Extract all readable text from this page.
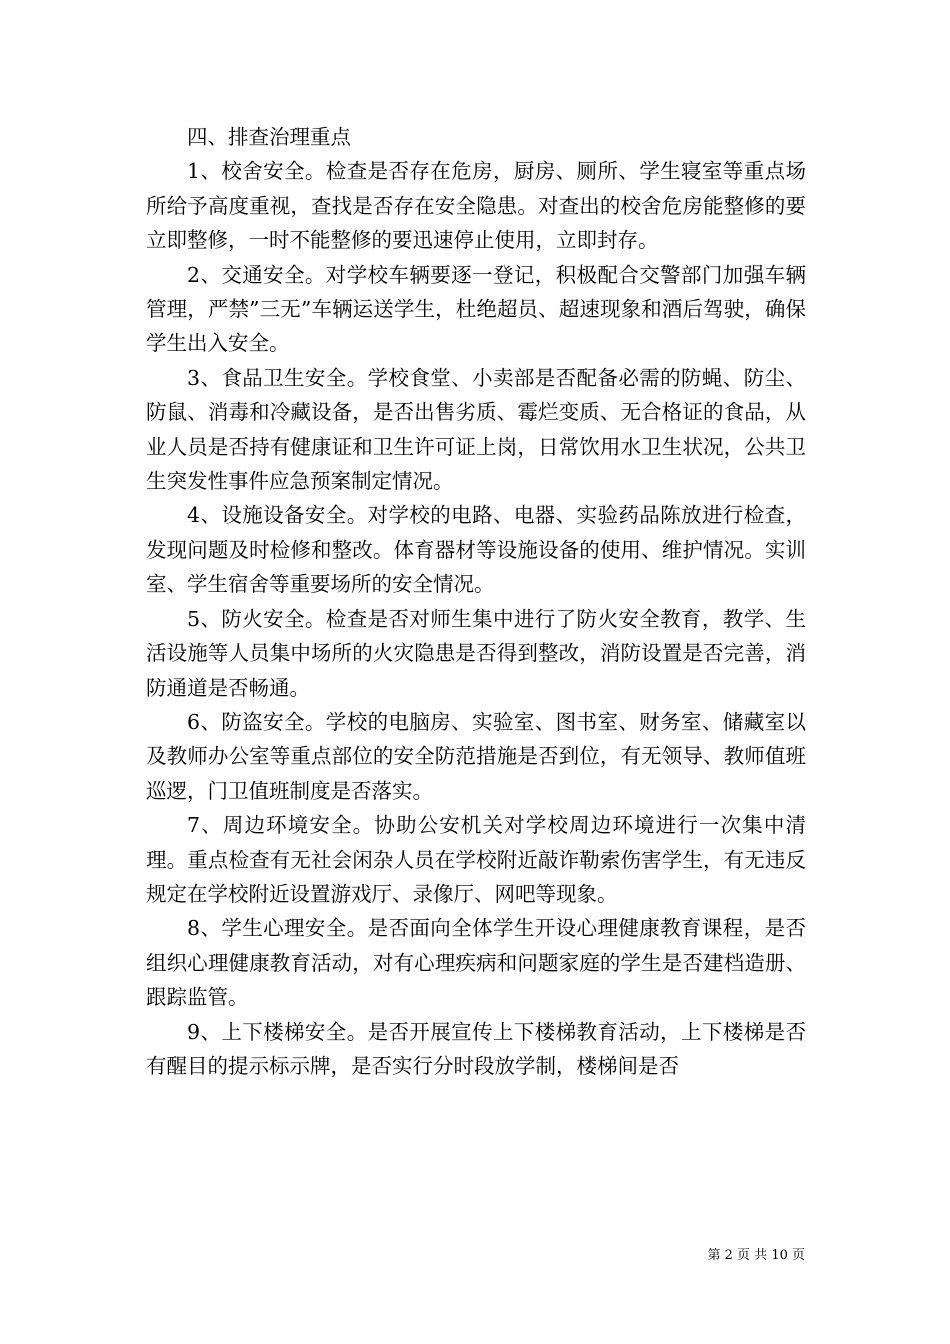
四、排查治理重点

1、校舍安全。检查是否存在危房，厨房、厕所、学生寝室等重点场所给予高度重视，查找是否存在安全隐患。对查出的校舍危房能整修的要立即整修，一时不能整修的要迅速停止使用，立即封存。

2、交通安全。对学校车辆要逐一登记，积极配合交警部门加强车辆管理，严禁”三无”车辆运送学生，杜绝超员、超速现象和酒后驾驶，确保学生出入安全。

3、食品卫生安全。学校食堂、小卖部是否配备必需的防蝇、防尘、防鼠、消毒和冷藏设备，是否出售劣质、霉烂变质、无合格证的食品，从业人员是否持有健康证和卫生许可证上岗，日常饮用水卫生状况，公共卫生突发性事件应急预案制定情况。

4、设施设备安全。对学校的电路、电器、实验药品陈放进行检查，发现问题及时检修和整改。体育器材等设施设备的使用、维护情况。实训室、学生宿舍等重要场所的安全情况。

5、防火安全。检查是否对师生集中进行了防火安全教育，教学、生活设施等人员集中场所的火灾隐患是否得到整改，消防设置是否完善，消防通道是否畅通。

6、防盗安全。学校的电脑房、实验室、图书室、财务室、储藏室以及教师办公室等重点部位的安全防范措施是否到位，有无领导、教师值班巡逻，门卫值班制度是否落实。

7、周边环境安全。协助公安机关对学校周边环境进行一次集中清理。重点检查有无社会闲杂人员在学校附近敲诈勒索伤害学生，有无违反规定在学校附近设置游戏厅、录像厅、网吧等现象。

8、学生心理安全。是否面向全体学生开设心理健康教育课程，是否组织心理健康教育活动，对有心理疾病和问题家庭的学生是否建档造册、跟踪监管。

9、上下楼梯安全。是否开展宣传上下楼梯教育活动，上下楼梯是否有醒目的提示标示牌，是否实行分时段放学制，楼梯间是否

第 2 页 共 10 页
